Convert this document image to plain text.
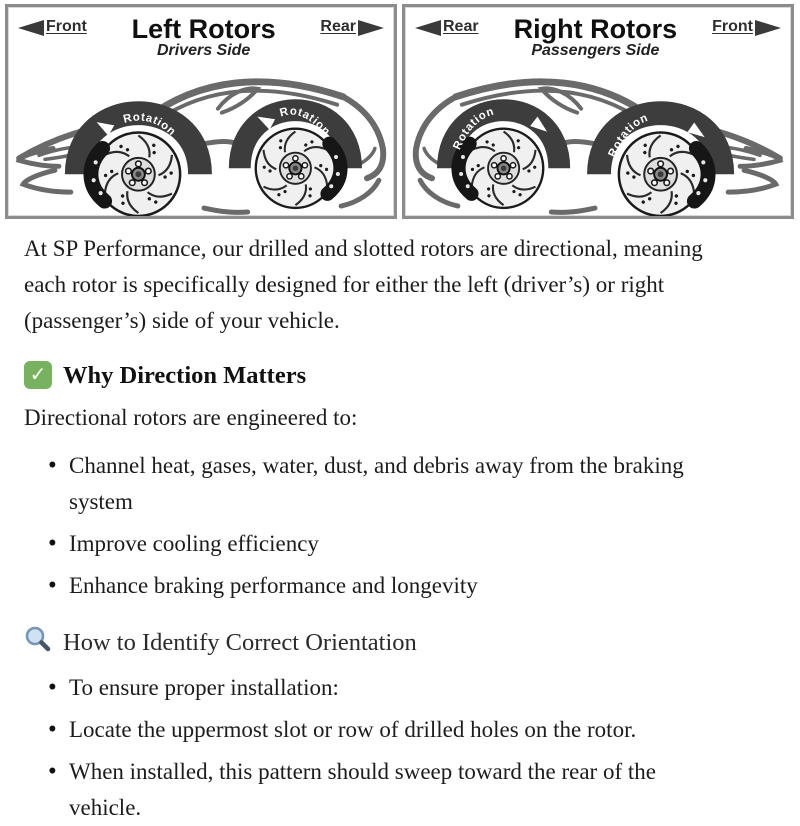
Front Left Rotors
Drivers Side
Rear
Rotation
Rotation
Rear Right Rotors
Passengers Side
Front
Rotation
Rotation

At SP Performance, our drilled and slotted rotors are directional, meaning each rotor is specifically designed for either the left (driver’s) or right (passenger’s) side of your vehicle.

✓ Why Direction Matters

Directional rotors are engineered to:

• Channel heat, gases, water, dust, and debris away from the braking system
• Improve cooling efficiency
• Enhance braking performance and longevity
How to Identify Correct Orientation
• To ensure proper installation:
• Locate the uppermost slot or row of drilled holes on the rotor.
• When installed, this pattern should sweep toward the rear of the vehicle.
